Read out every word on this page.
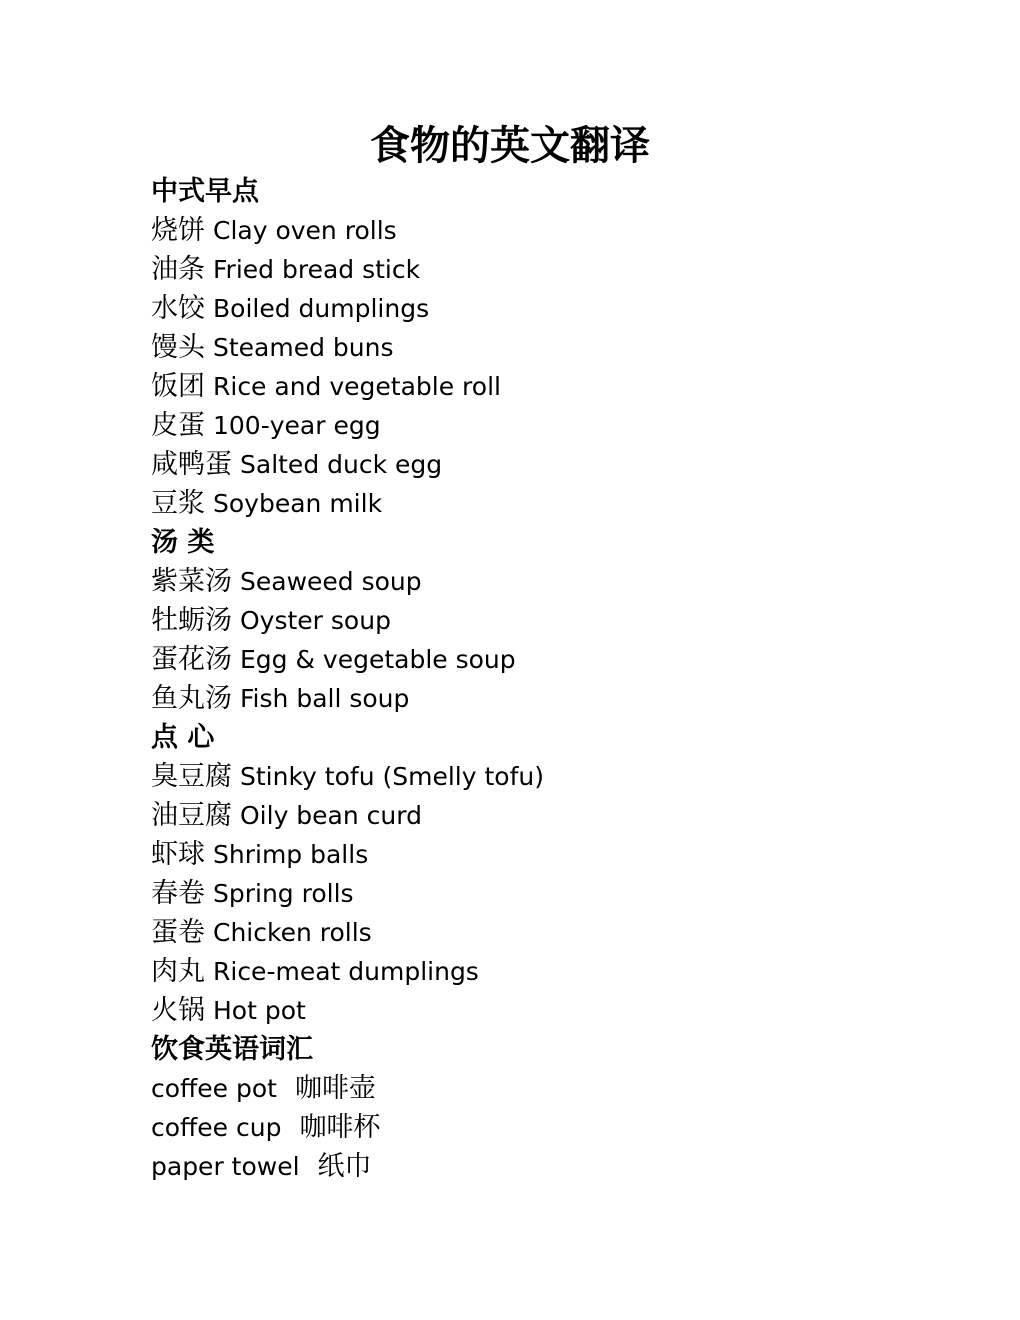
食物的英文翻译
中式早点
烧饼 Clay oven rolls
油条 Fried bread stick
水饺 Boiled dumplings
馒头 Steamed buns
饭团 Rice and vegetable roll
皮蛋 100-year egg
咸鸭蛋 Salted duck egg
豆浆 Soybean milk
汤 类
紫菜汤 Seaweed soup
牡蛎汤 Oyster soup
蛋花汤 Egg & vegetable soup
鱼丸汤 Fish ball soup
点 心
臭豆腐 Stinky tofu (Smelly tofu)
油豆腐 Oily bean curd
虾球 Shrimp balls
春卷 Spring rolls
蛋卷 Chicken rolls
肉丸 Rice-meat dumplings
火锅 Hot pot
饮食英语词汇
coffee pot 咖啡壶
coffee cup 咖啡杯
paper towel 纸巾
